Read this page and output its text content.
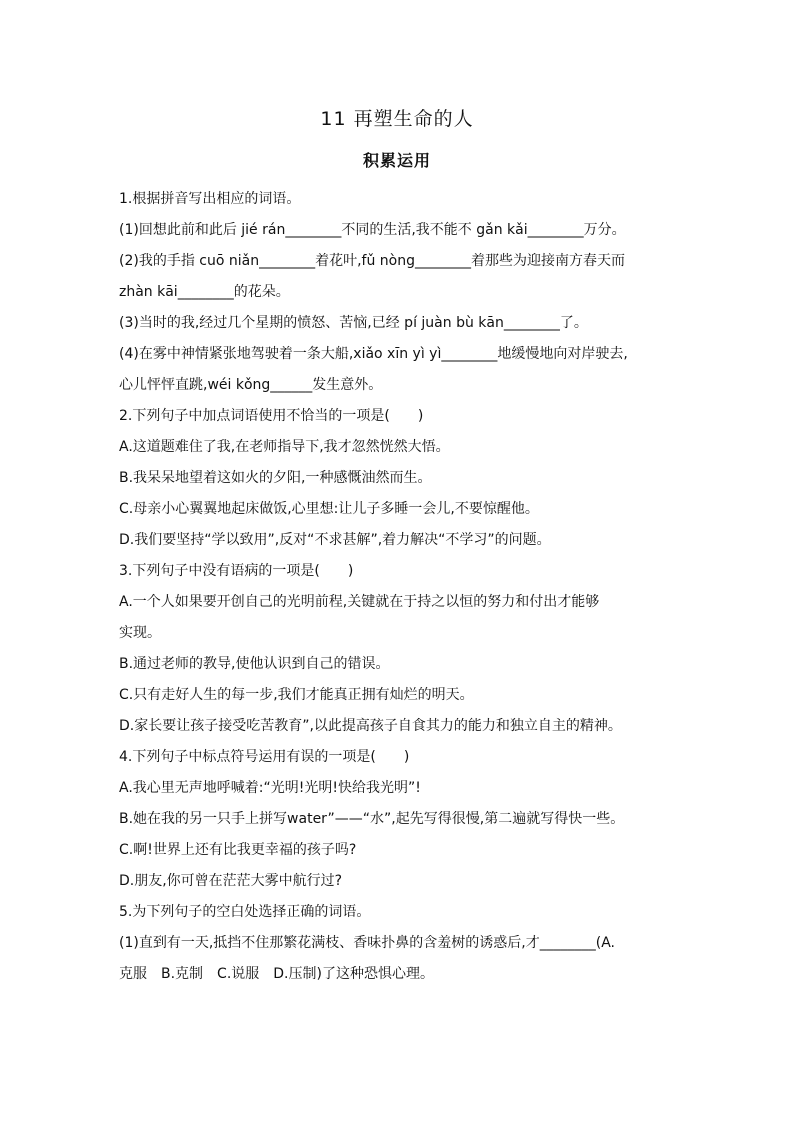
11 再塑生命的人
积累运用
1.根据拼音写出相应的词语。
(1)回想此前和此后 jié rán________不同的生活,我不能不 gǎn kǎi________万分。
(2)我的手指 cuō niǎn________着花叶,fǔ nòng________着那些为迎接南方春天而
zhàn kāi________的花朵。
(3)当时的我,经过几个星期的愤怒、苦恼,已经 pí juàn bù kān________了。
(4)在雾中神情紧张地驾驶着一条大船,xiǎo xīn yì yì________地缓慢地向对岸驶去,
心儿怦怦直跳,wéi kǒng______发生意外。
2.下列句子中加点词语使用不恰当的一项是(　　)
A.这道题难住了我,在老师指导下,我才忽然恍然大悟。
B.我呆呆地望着这如火的夕阳,一种感慨油然而生。
C.母亲小心翼翼地起床做饭,心里想:让儿子多睡一会儿,不要惊醒他。
D.我们要坚持“学以致用”,反对“不求甚解”,着力解决“不学习”的问题。
3.下列句子中没有语病的一项是(　　)
A.一个人如果要开创自己的光明前程,关键就在于持之以恒的努力和付出才能够
实现。
B.通过老师的教导,使他认识到自己的错误。
C.只有走好人生的每一步,我们才能真正拥有灿烂的明天。
D.家长要让孩子接受吃苦教育”,以此提高孩子自食其力的能力和独立自主的精神。
4.下列句子中标点符号运用有误的一项是(　　)
A.我心里无声地呼喊着:“光明!光明!快给我光明”!
B.她在我的另一只手上拼写water”——“水”,起先写得很慢,第二遍就写得快一些。
C.啊!世界上还有比我更幸福的孩子吗?
D.朋友,你可曾在茫茫大雾中航行过?
5.为下列句子的空白处选择正确的词语。
(1)直到有一天,抵挡不住那繁花满枝、香味扑鼻的含羞树的诱惑后,才________(A.
克服　B.克制　C.说服　D.压制)了这种恐惧心理。
